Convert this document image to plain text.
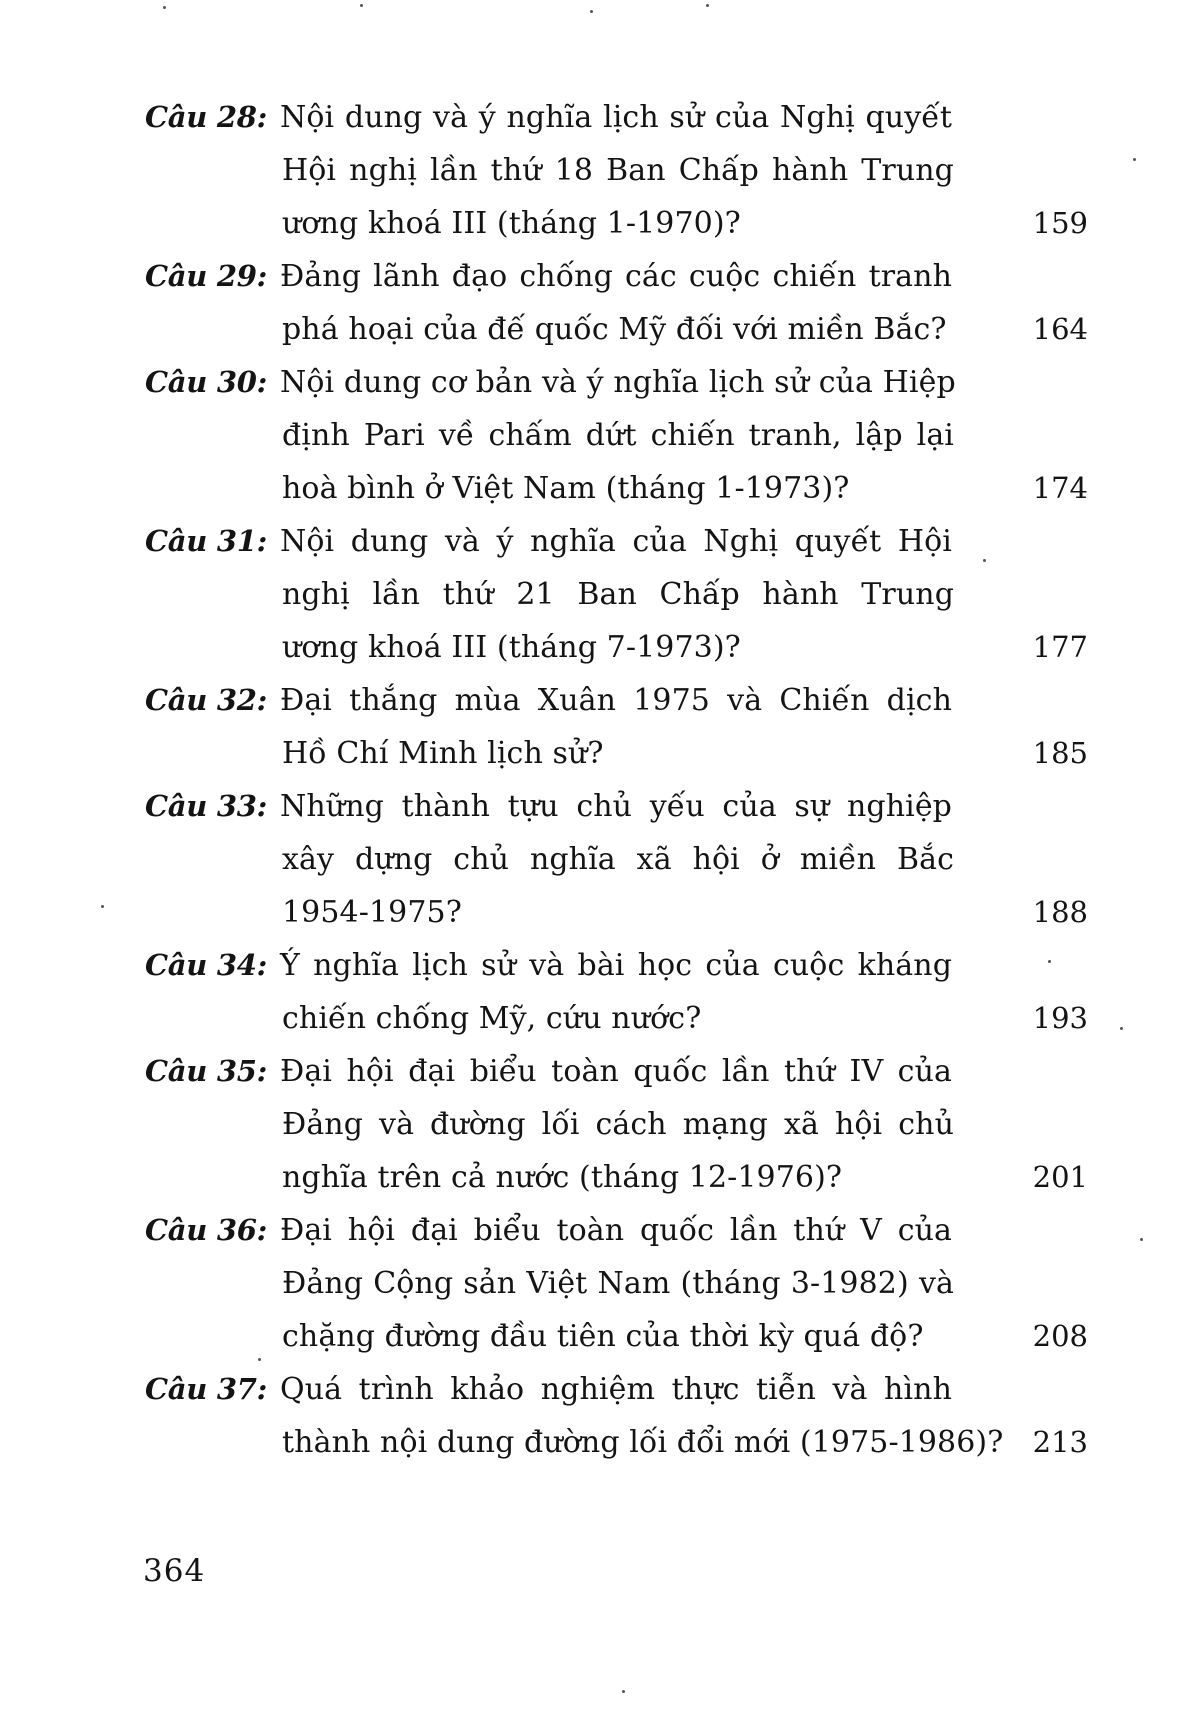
Câu 28: Nội dung và ý nghĩa lịch sử của Nghị quyết
Hội nghị lần thứ 18 Ban Chấp hành Trung
ương khoá III (tháng 1-1970)?	159
Câu 29: Đảng lãnh đạo chống các cuộc chiến tranh
phá hoại của đế quốc Mỹ đối với miền Bắc?	164
Câu 30: Nội dung cơ bản và ý nghĩa lịch sử của Hiệp
định Pari về chấm dứt chiến tranh, lập lại
hoà bình ở Việt Nam (tháng 1-1973)?	174
Câu 31: Nội dung và ý nghĩa của Nghị quyết Hội
nghị lần thứ 21 Ban Chấp hành Trung
ương khoá III (tháng 7-1973)?	177
Câu 32: Đại thắng mùa Xuân 1975 và Chiến dịch
Hồ Chí Minh lịch sử?	185
Câu 33: Những thành tựu chủ yếu của sự nghiệp
xây dựng chủ nghĩa xã hội ở miền Bắc
1954-1975?	188
Câu 34: Ý nghĩa lịch sử và bài học của cuộc kháng
chiến chống Mỹ, cứu nước?	193
Câu 35: Đại hội đại biểu toàn quốc lần thứ IV của
Đảng và đường lối cách mạng xã hội chủ
nghĩa trên cả nước (tháng 12-1976)?	201
Câu 36: Đại hội đại biểu toàn quốc lần thứ V của
Đảng Cộng sản Việt Nam (tháng 3-1982) và
chặng đường đầu tiên của thời kỳ quá độ?	208
Câu 37: Quá trình khảo nghiệm thực tiễn và hình
thành nội dung đường lối đổi mới (1975-1986)?	213
364
